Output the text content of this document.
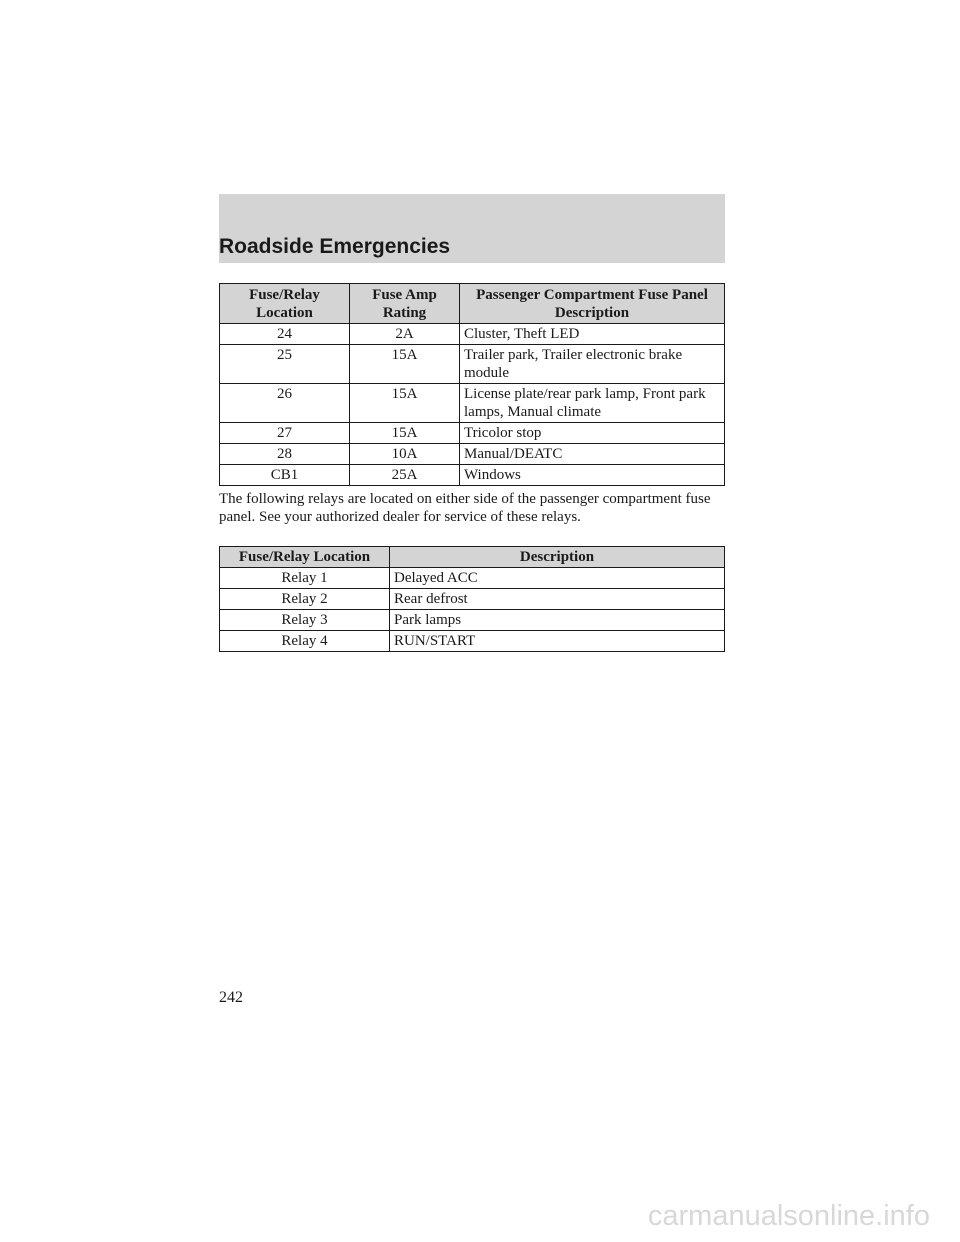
Roadside Emergencies
Fuse/Relay Location	Fuse Amp Rating	Passenger Compartment Fuse Panel Description
24	2A	Cluster, Theft LED
25	15A	Trailer park, Trailer electronic brake module
26	15A	License plate/rear park lamp, Front park lamps, Manual climate
27	15A	Tricolor stop
28	10A	Manual/DEATC
CB1	25A	Windows
The following relays are located on either side of the passenger compartment fuse panel. See your authorized dealer for service of these relays.
Fuse/Relay Location	Description
Relay 1	Delayed ACC
Relay 2	Rear defrost
Relay 3	Park lamps
Relay 4	RUN/START
242
carmanualsonline.info
